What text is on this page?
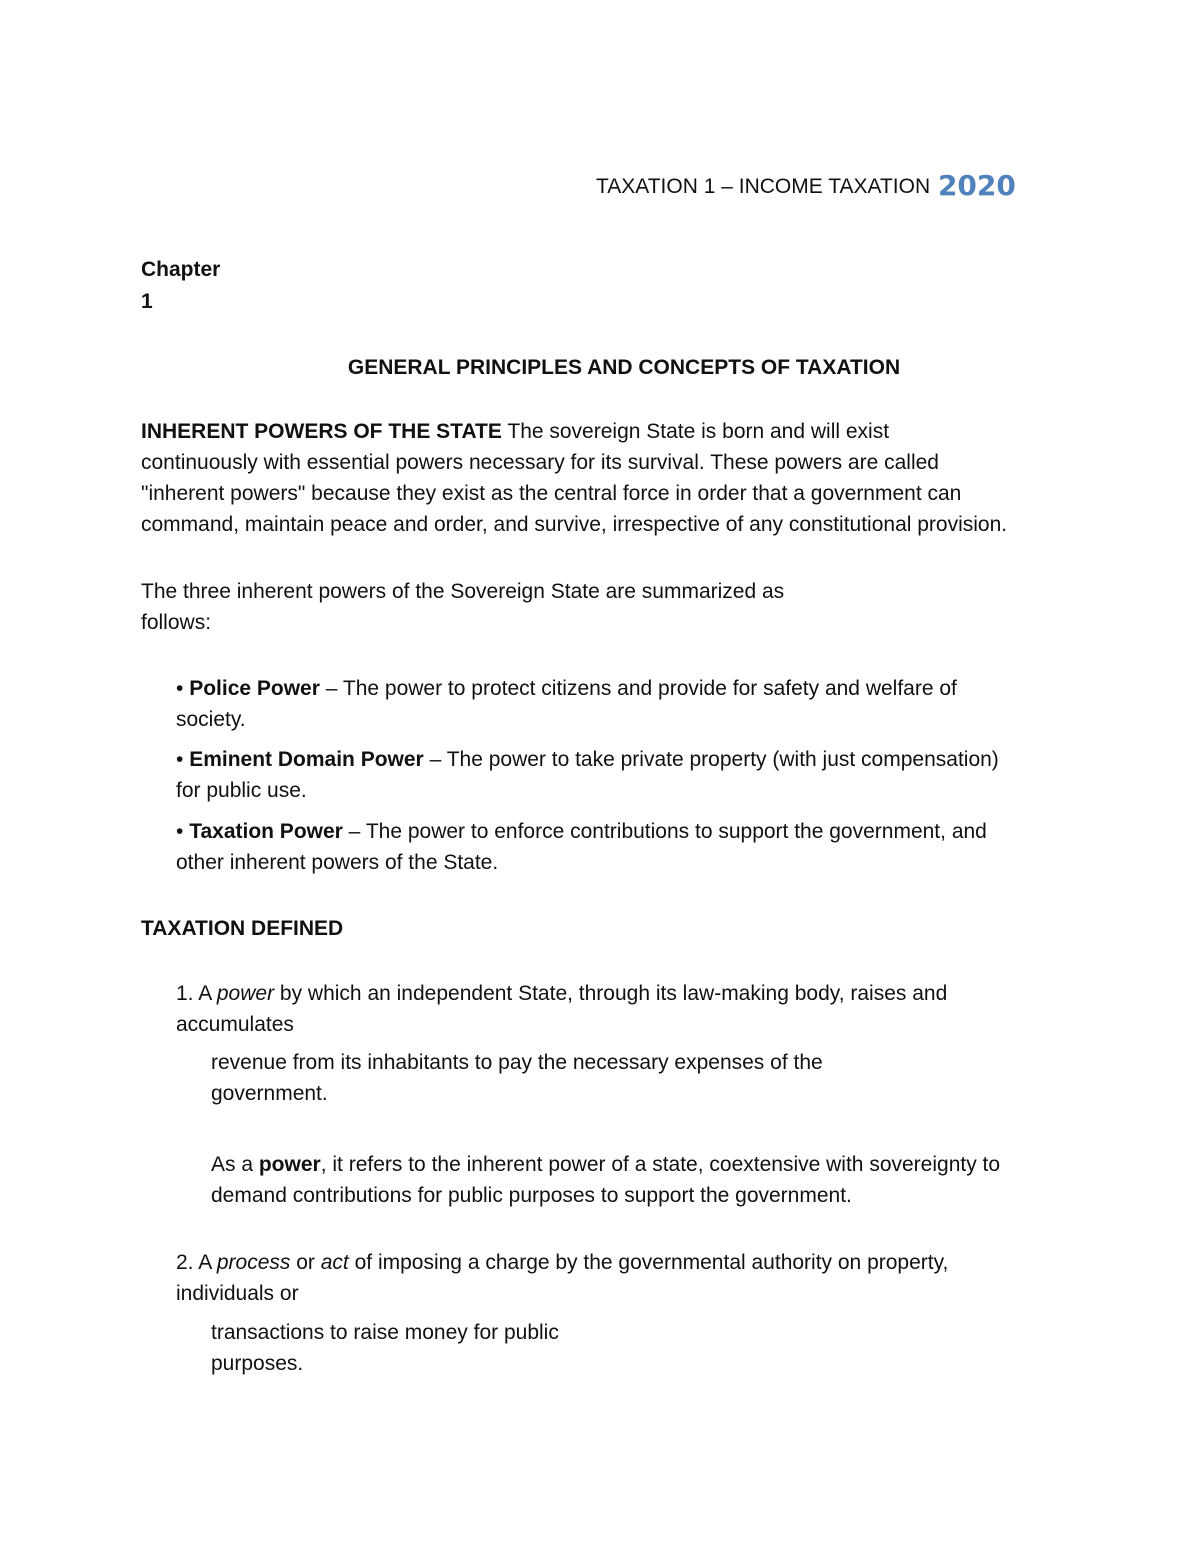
TAXATION 1 – INCOME TAXATION 2020
Chapter
1
GENERAL PRINCIPLES AND CONCEPTS OF TAXATION
INHERENT POWERS OF THE STATE The sovereign State is born and will exist
continuously with essential powers necessary for its survival. These powers are called
"inherent powers" because they exist as the central force in order that a government can
command, maintain peace and order, and survive, irrespective of any constitutional provision.
The three inherent powers of the Sovereign State are summarized as
follows:
• Police Power – The power to protect citizens and provide for safety and welfare of
society.
• Eminent Domain Power – The power to take private property (with just compensation)
for public use.
• Taxation Power – The power to enforce contributions to support the government, and
other inherent powers of the State.
TAXATION DEFINED
1. A power by which an independent State, through its law-making body, raises and
accumulates
revenue from its inhabitants to pay the necessary expenses of the
government.
As a power, it refers to the inherent power of a state, coextensive with sovereignty to
demand contributions for public purposes to support the government.
2. A process or act of imposing a charge by the governmental authority on property,
individuals or
transactions to raise money for public
purposes.
